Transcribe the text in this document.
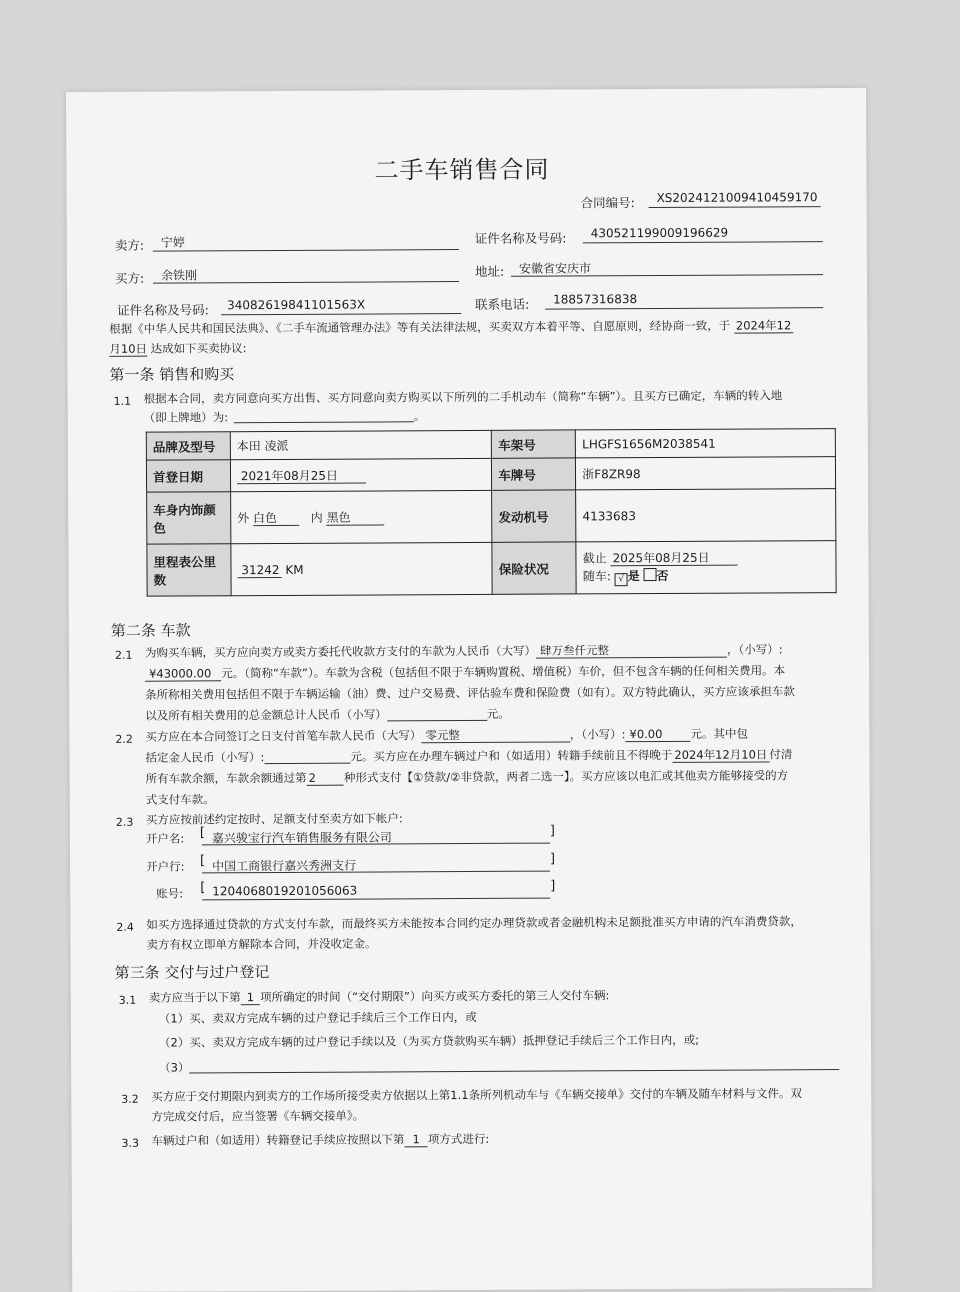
二手车销售合同
合同编号: XS2024121009410459170
卖方: 宁婷	证件名称及号码: 430521199009196629
买方: 余铁刚	地址: 安徽省安庆市
证件名称及号码: 34082619841101563X	联系电话: 18857316838
根据《中华人民共和国民法典》、《二手车流通管理办法》等有关法律法规，买卖双方本着平等、自愿原则，经协商一致，于 2024年12
月10日 达成如下买卖协议:
第一条 销售和购买
1.1 根据本合同，卖方同意向买方出售、买方同意向卖方购买以下所列的二手机动车（简称“车辆”）。且买方已确定，车辆的转入地
（即上牌地）为:	。
品牌及型号	本田 凌派	车架号	LHGFS1656M2038541
首登日期	2021年08月25日	车牌号	浙F8ZR98
车身内饰颜色	外 白色 内 黑色	发动机号	4133683
里程表公里数	31242 KM	保险状况	截止 2025年08月25日
随车: √ 是 否
第二条 车款
2.1 为购买车辆，买方应向卖方或卖方委托代收款方支付的车款为人民币（大写） 肆万叁仟元整	，（小写）:
¥43000.00 元。（简称“车款”）。车款为含税（包括但不限于车辆购置税、增值税）车价，但不包含车辆的任何相关费用。本
条所称相关费用包括但不限于车辆运输（油）费、过户交易费、评估验车费和保险费（如有）。双方特此确认，买方应该承担车款
以及所有相关费用的总金额总计人民币（小写）	元。
2.2 买方应在本合同签订之日支付首笔车款人民币（大写） 零元整	，（小写）: ¥0.00 元。其中包
括定金人民币（小写）:	元。买方应在办理车辆过户和（如适用）转籍手续前且不得晚于 2024年12月10日 付清
所有车款余额，车款余额通过第 2 种形式支付【①贷款/②非贷款，两者二选一】。买方应该以电汇或其他卖方能够接受的方
式支付车款。
2.3 买方应按前述约定按时、足额支付至卖方如下帐户:
开户名: [ 嘉兴骏宝行汽车销售服务有限公司	]
开户行: [ 中国工商银行嘉兴秀洲支行	]
账号: [ 1204068019201056063	]
2.4 如买方选择通过贷款的方式支付车款，而最终买方未能按本合同约定办理贷款或者金融机构未足额批准买方申请的汽车消费贷款，
卖方有权立即单方解除本合同，并没收定金。
第三条 交付与过户登记
3.1 卖方应当于以下第 1 项所确定的时间（“交付期限”）向买方或买方委托的第三人交付车辆:
（1）买、卖双方完成车辆的过户登记手续后三个工作日内，或
（2）买、卖双方完成车辆的过户登记手续以及（为买方贷款购买车辆）抵押登记手续后三个工作日内，或;
（3）
3.2 买方应于交付期限内到卖方的工作场所接受卖方依据以上第1.1条所列机动车与《车辆交接单》交付的车辆及随车材料与文件。双
方完成交付后，应当签署《车辆交接单》。
3.3 车辆过户和（如适用）转籍登记手续应按照以下第 1 项方式进行:
